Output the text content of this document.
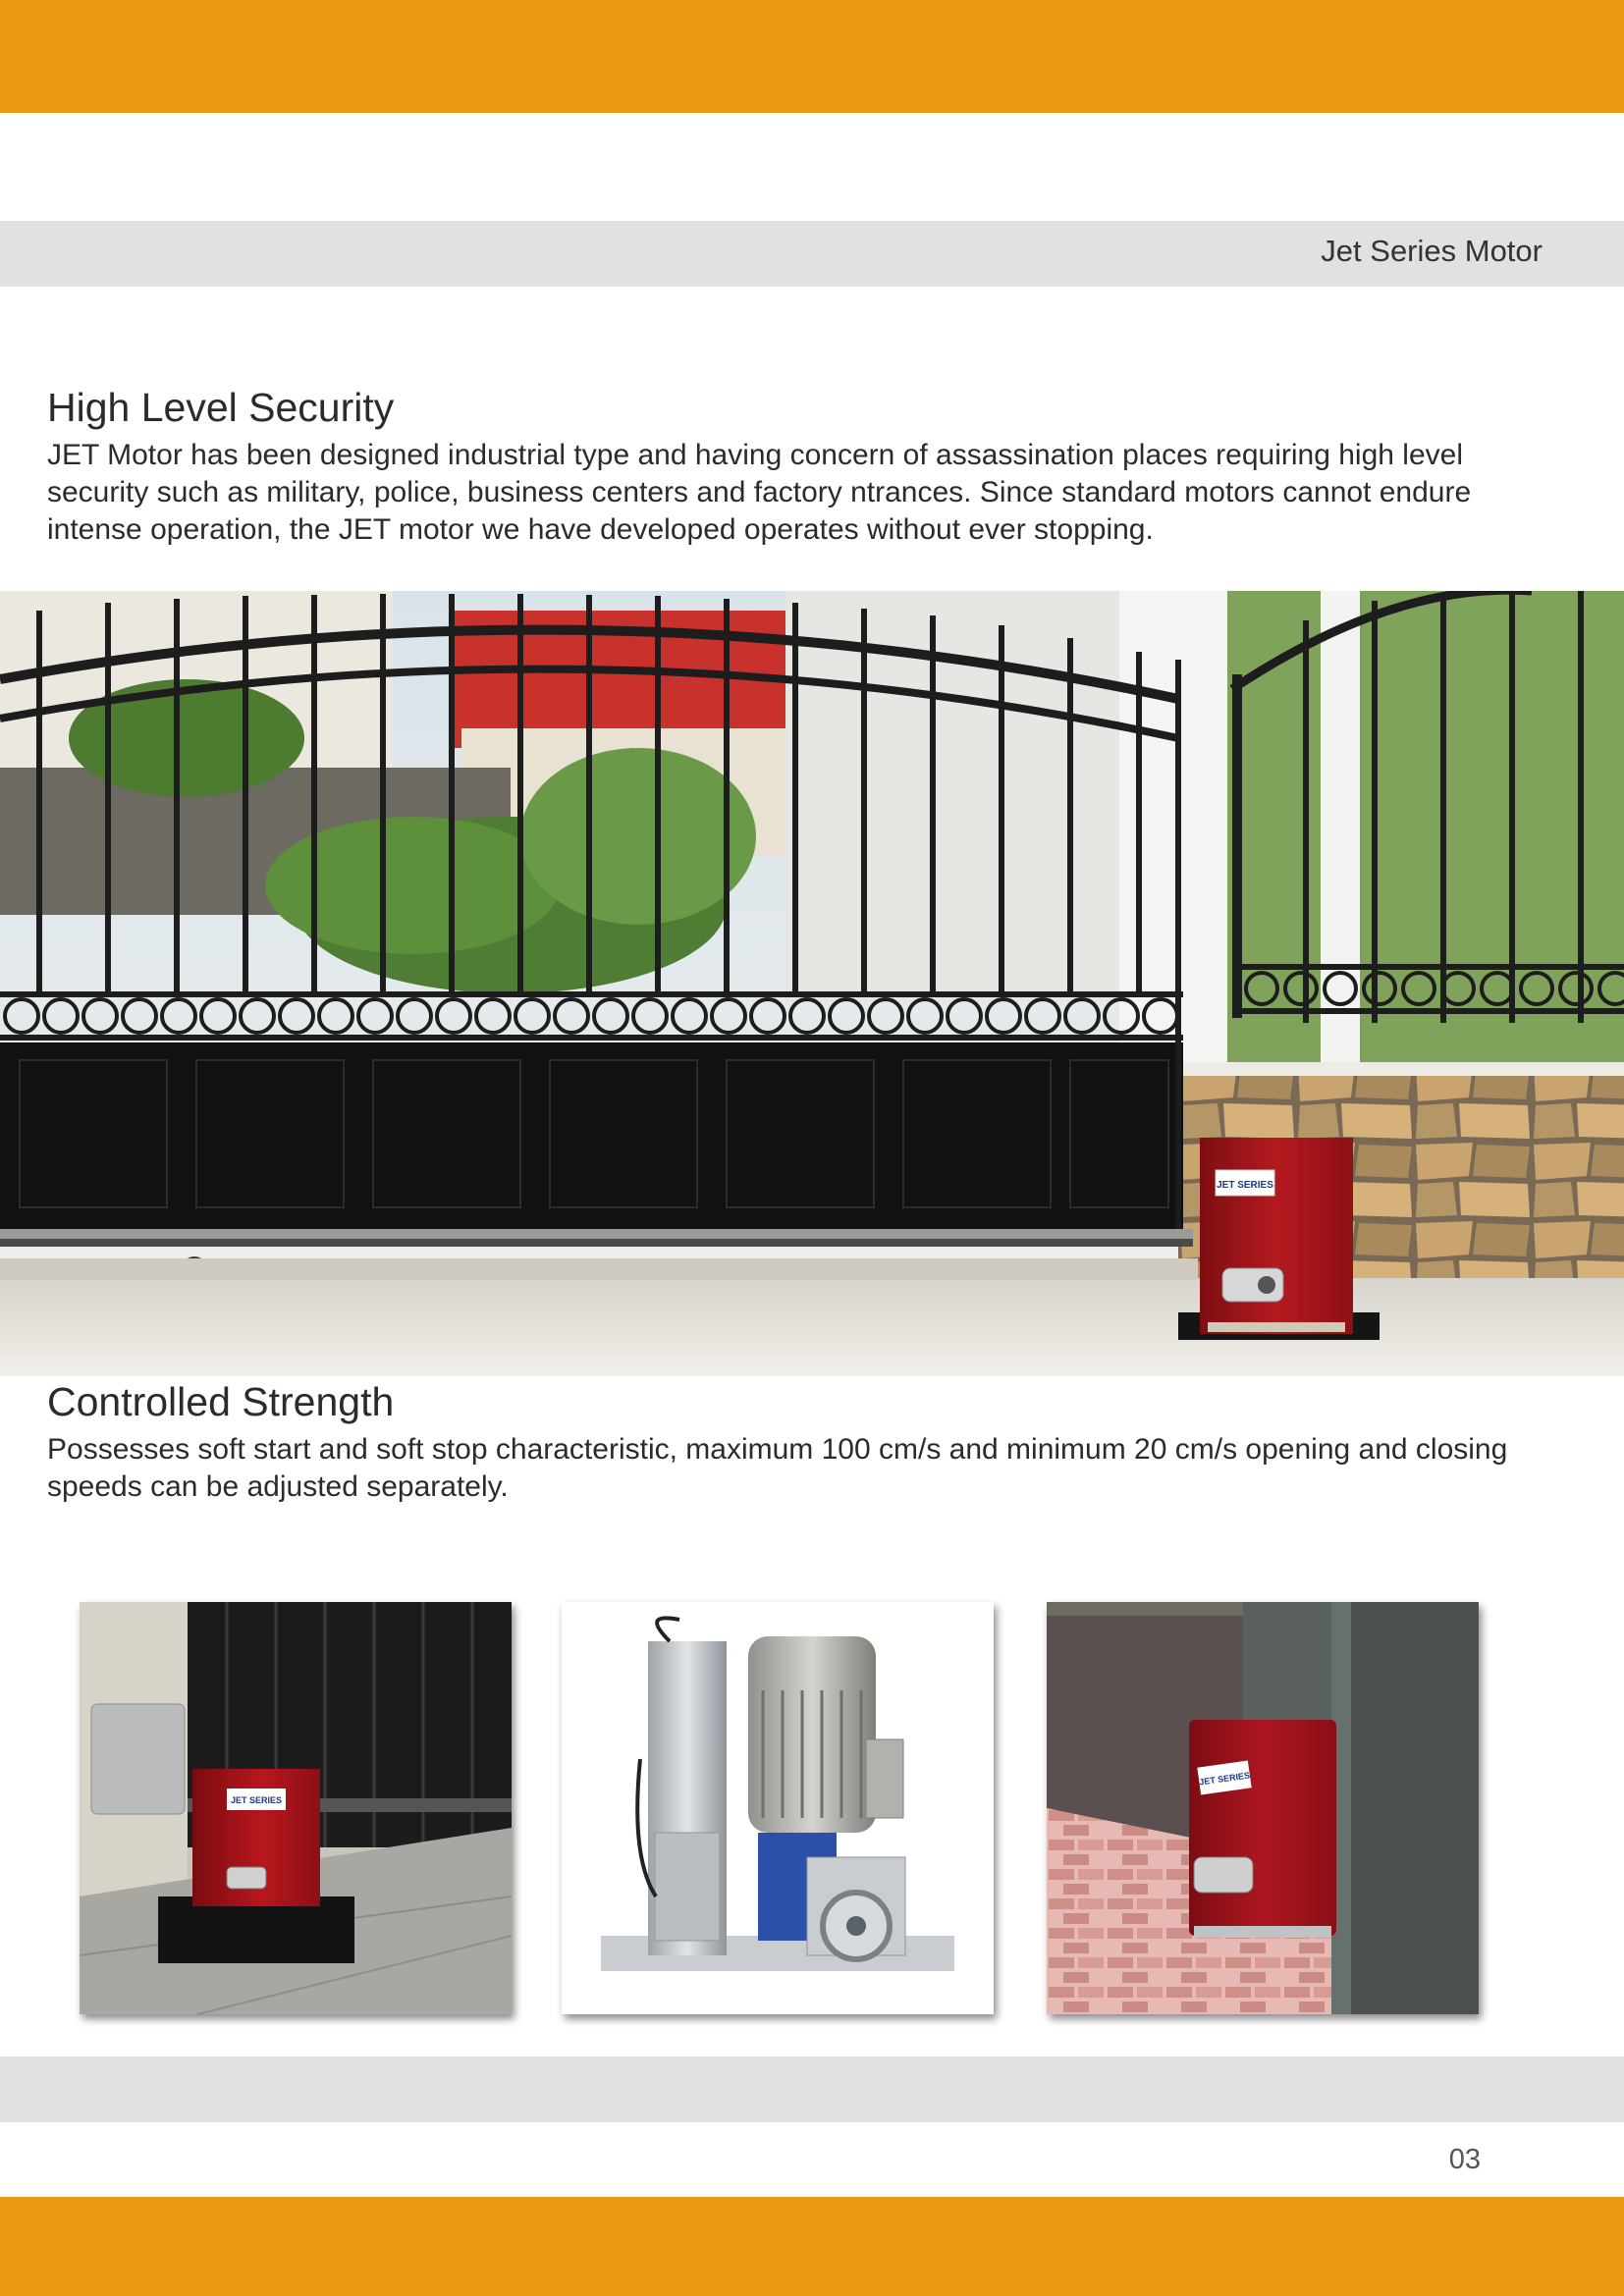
Jet Series Motor
High Level Security

JET Motor has been designed industrial type and having concern of assassination places requiring high level security such as military, police, business centers and factory ntrances. Since standard motors cannot endure intense operation, the JET motor we have developed operates without ever stopping.

JET SERIES
Controlled Strength

Possesses soft start and soft stop characteristic, maximum 100 cm/s and minimum 20 cm/s opening and closing speeds can be adjusted separately.

JET SERIES
JET SERIES
03
